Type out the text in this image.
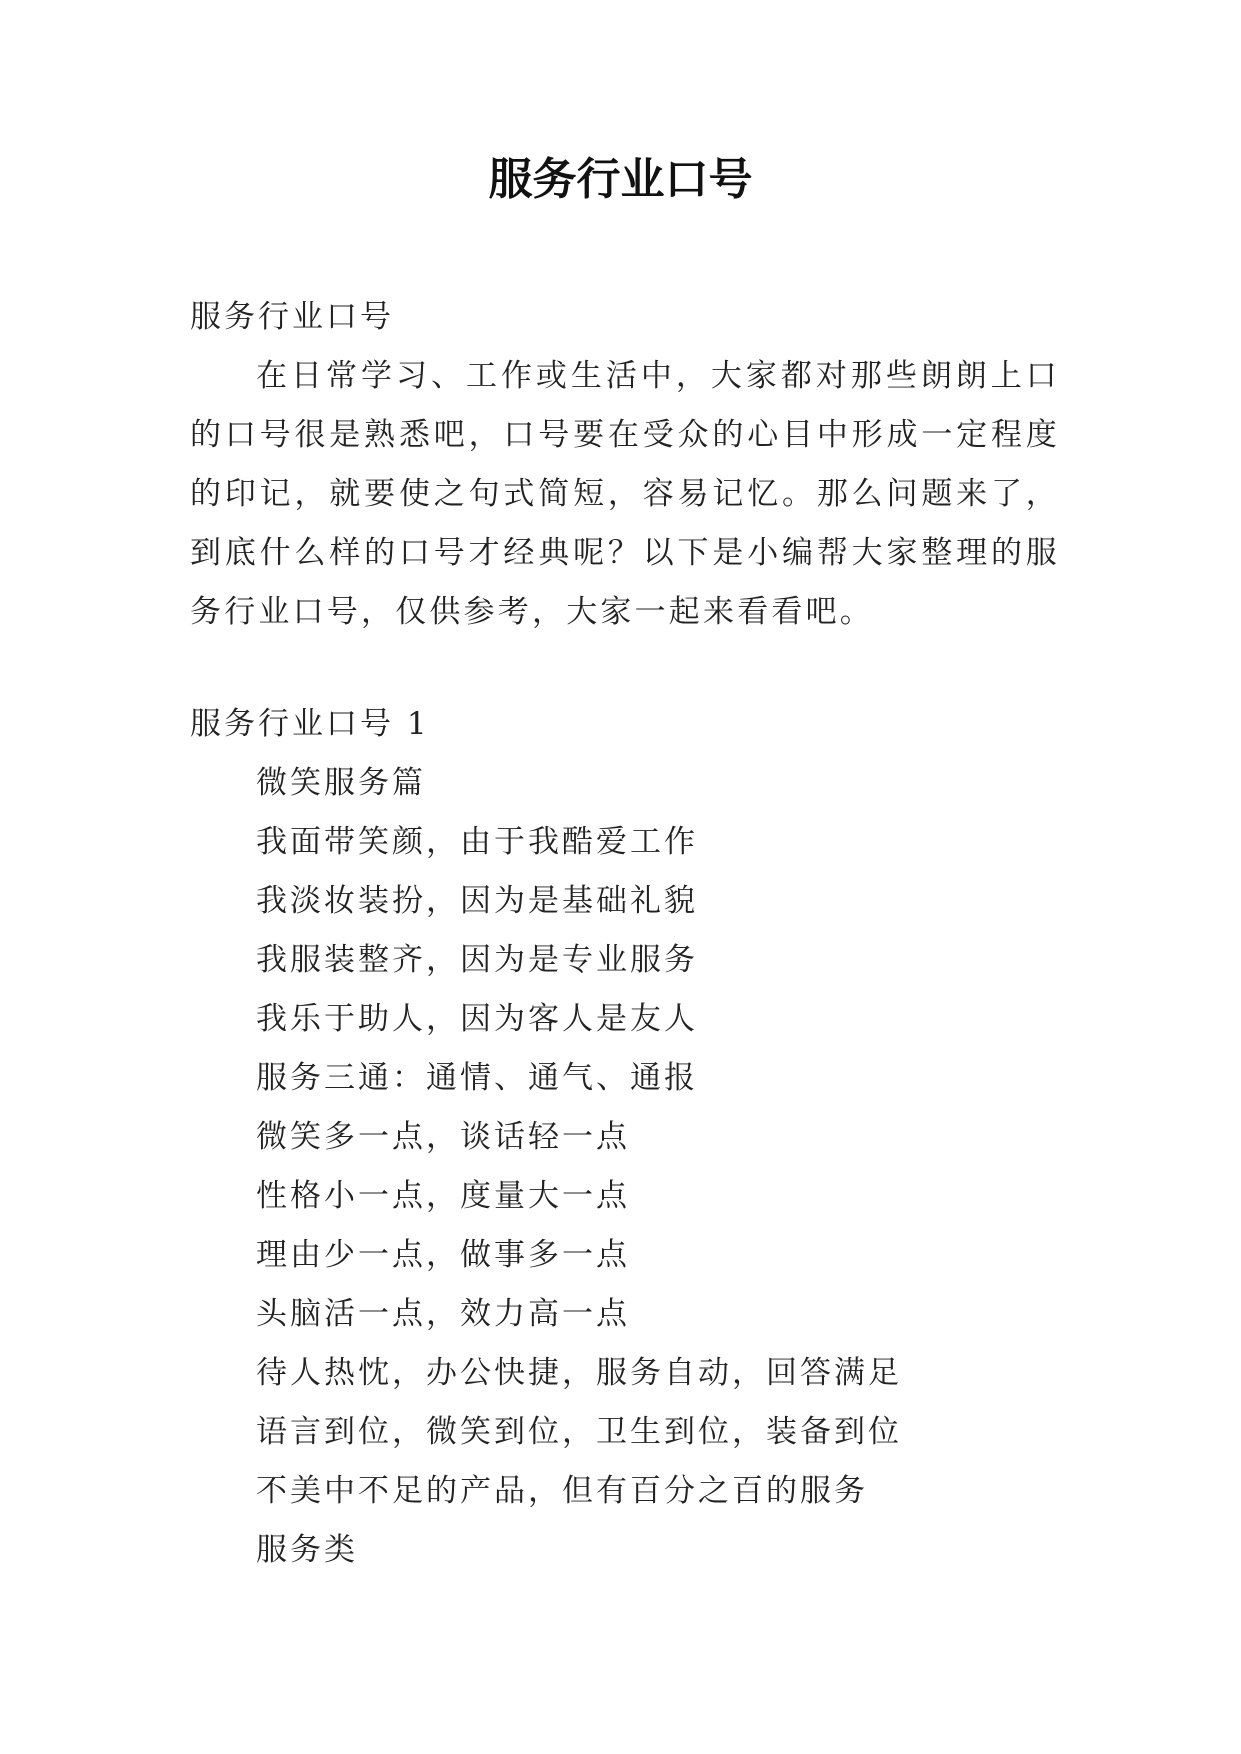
服务行业口号
服务行业口号

在日常学习、工作或生活中，大家都对那些朗朗上口的口号很是熟悉吧，口号要在受众的心目中形成一定程度的印记，就要使之句式简短，容易记忆。那么问题来了，到底什么样的口号才经典呢？以下是小编帮大家整理的服务行业口号，仅供参考，大家一起来看看吧。

服务行业口号 1
微笑服务篇
我面带笑颜，由于我酷爱工作
我淡妆装扮，因为是基础礼貌
我服装整齐，因为是专业服务
我乐于助人，因为客人是友人
服务三通：通情、通气、通报
微笑多一点，谈话轻一点
性格小一点，度量大一点
理由少一点，做事多一点
头脑活一点，效力高一点
待人热忱，办公快捷，服务自动，回答满足
语言到位，微笑到位，卫生到位，装备到位
不美中不足的产品，但有百分之百的服务
服务类
